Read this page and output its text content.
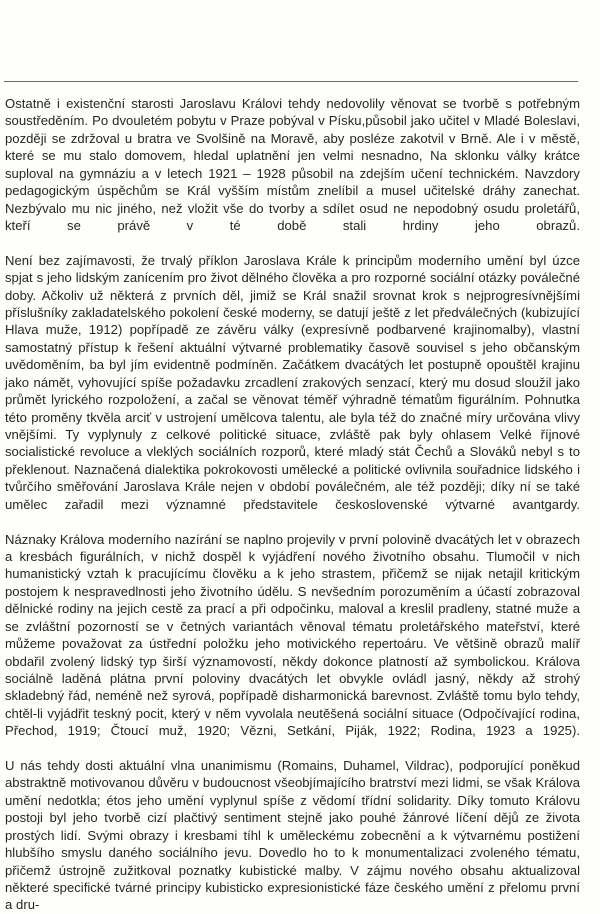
Ostatně i existenční starosti Jaroslavu Královi tehdy nedovolily věnovat se tvorbě s potřebným soustředěním. Po dvouletém pobytu v Praze pobýval v Písku,působil jako učitel v Mladé Boleslavi, později se zdržoval u bratra ve Svolšině na Moravě, aby posléze zakotvil v Brně. Ale i v městě, které se mu stalo domovem, hledal uplatnění jen velmi nesnadno, Na sklonku války krátce suploval na gymnáziu a v letech 1921 – 1928 působil na zdejším učení technickém. Navzdory pedagogickým úspěchům se Král vyšším místům znelíbil a musel učitelské dráhy zanechat. Nezbývalo mu nic jiného, než vložit vše do tvorby a sdílet osud ne nepodobný osudu proletářů, kteří se právě v té době stali hrdiny jeho obrazů.

Není bez zajímavosti, že trvalý příklon Jaroslava Krále k principům moderního umění byl úzce spjat s jeho lidským zanícením pro život dělného člověka a pro rozporné sociální otázky poválečné doby. Ačkoliv už některá z prvních děl, jimiž se Král snažil srovnat krok s nejprogresívnějšími příslušníky zakladatelského pokolení české moderny, se datují ještě z let předválečných (kubizující Hlava muže, 1912) popřípadě ze závěru války (expresívně podbarvené krajinomalby), vlastní samostatný přístup k řešení aktuální výtvarné problematiky časově souvisel s jeho občanským uvědoměním, ba byl jím evidentně podmíněn. Začátkem dvacátých let postupně opouštěl krajinu jako námět, vyhovující spíše požadavku zrcadlení zrakových senzací, který mu dosud sloužil jako průmět lyrického rozpoložení, a začal se věnovat téměř výhradně tématům figurálním. Pohnutka této proměny tkvěla arciť v ustrojení umělcova talentu, ale byla též do značné míry určována vlivy vnějšími. Ty vyplynuly z celkové politické situace, zvláště pak byly ohlasem Velké říjnové socialistické revoluce a vleklých sociálních rozporů, které mladý stát Čechů a Slováků nebyl s to překlenout. Naznačená dialektika pokrokovosti umělecké a politické ovlivnila souřadnice lidského i tvůrčího směřování Jaroslava Krále nejen v období poválečném, ale též později; díky ní se také umělec zařadil mezi významné představitele československé výtvarné avantgardy.

Náznaky Králova moderního nazírání se naplno projevily v první polovině dvacátých let v obrazech a kresbách figurálních, v nichž dospěl k vyjádření nového životního obsahu. Tlumočil v nich humanistický vztah k pracujícímu člověku a k jeho strastem, přičemž se nijak netajil kritickým postojem k nespravedlnosti jeho životního údělu. S nevšedním porozuměním a účastí zobrazoval dělnické rodiny na jejich cestě za prací a při odpočinku, maloval a kreslil pradleny, statné muže a se zvláštní pozorností se v četných variantách věnoval tématu proletářského mateřství, které můžeme považovat za ústřední položku jeho motivického repertoáru. Ve většině obrazů malíř obdařil zvolený lidský typ širší významovostí, někdy dokonce platností až symbolickou. Králova sociálně laděná plátna první poloviny dvacátých let obvykle ovládl jasný, někdy až strohý skladebný řád, neméně než syrová, popřípadě disharmonická barevnost. Zvláště tomu bylo tehdy, chtěl-li vyjádřit teskný pocit, který v něm vyvolala neutěšená sociální situace (Odpočívající rodina, Přechod, 1919; Čtoucí muž, 1920; Vězni, Setkání, Piják, 1922; Rodina, 1923 a 1925).

U nás tehdy dosti aktuální vlna unanimismu (Romains, Duhamel, Vildrac), podporující poněkud abstraktně motivovanou důvěru v budoucnost všeobjímajícího bratrství mezi lidmi, se však Králova umění nedotkla; étos jeho umění vyplynul spíše z vědomí třídní solidarity. Díky tomuto Královu postoji byl jeho tvorbě cizí plačtivý sentiment stejně jako pouhé žánrové líčení dějů ze života prostých lidí. Svými obrazy i kresbami tíhl k uměleckému zobecnění a k výtvarnému postižení hlubšího smyslu daného sociálního jevu. Dovedlo ho to k monumentalizaci zvoleného tématu, přičemž ústrojně zužitkoval poznatky kubistické malby. V zájmu nového obsahu aktualizoval některé specifické tvárné principy kubisticko expresionistické fáze českého umění z přelomu první a dru-
